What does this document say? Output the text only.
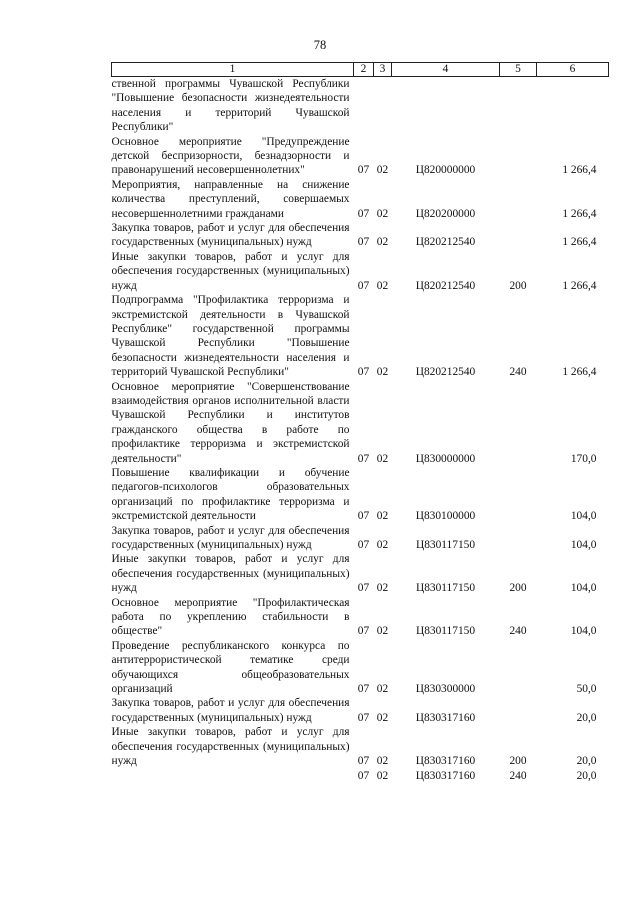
78
1	2	3	4	5	6
ственной программы Чувашской Республики "Повышение безопасности жизнедеятельности населения и территорий Чувашской Республики"					
Основное мероприятие "Предупреждение детской беспризорности, безнадзорности и правонарушений несовершеннолетних"	07	02	Ц820000000		1 266,4
Мероприятия, направленные на снижение количества преступлений, совершаемых несовершеннолетними гражданами	07	02	Ц820200000		1 266,4
Закупка товаров, работ и услуг для обеспечения государственных (муниципальных) нужд	07	02	Ц820212540		1 266,4
Иные закупки товаров, работ и услуг для обеспечения государственных (муниципальных) нужд	07	02	Ц820212540	200	1 266,4
Подпрограмма "Профилактика терроризма и экстремистской деятельности в Чувашской Республике" государственной программы Чувашской Республики "Повышение безопасности жизнедеятельности населения и территорий Чувашской Республики"	07	02	Ц820212540	240	1 266,4
Основное мероприятие "Совершенствование взаимодействия органов исполнительной власти Чувашской Республики и институтов гражданского общества в работе по профилактике терроризма и экстремистской деятельности"	07	02	Ц830000000		170,0
Повышение квалификации и обучение педагогов-психологов образовательных организаций по профилактике терроризма и экстремистской деятельности	07	02	Ц830100000		104,0
Закупка товаров, работ и услуг для обеспечения государственных (муниципальных) нужд	07	02	Ц830117150		104,0
Иные закупки товаров, работ и услуг для обеспечения государственных (муниципальных) нужд	07	02	Ц830117150	200	104,0
Основное мероприятие "Профилактическая работа по укреплению стабильности в обществе"	07	02	Ц830117150	240	104,0
Проведение республиканского конкурса по антитеррористической тематике среди обучающихся общеобразовательных организаций	07	02	Ц830300000		50,0
Закупка товаров, работ и услуг для обеспечения государственных (муниципальных) нужд	07	02	Ц830317160		20,0
Иные закупки товаров, работ и услуг для обеспечения государственных (муниципальных) нужд	07	02	Ц830317160	200	20,0
	07	02	Ц830317160	240	20,0
